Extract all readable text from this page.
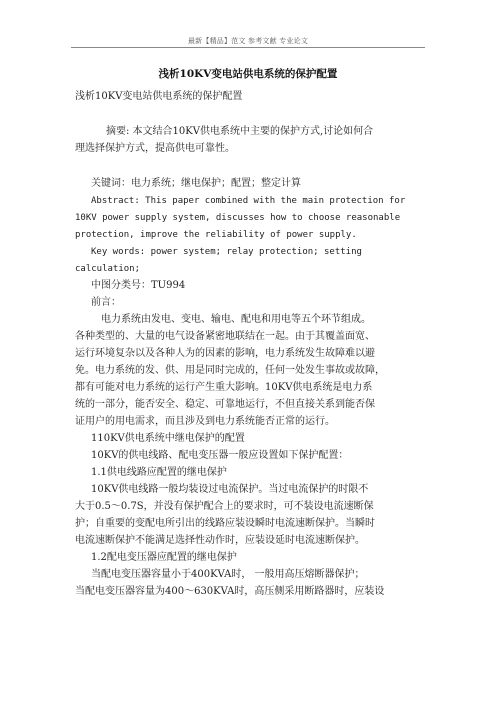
最新【精品】范文 参考文献 专业论文
浅析10KV变电站供电系统的保护配置
浅析10KV变电站供电系统的保护配置
摘要: 本文结合10KV供电系统中主要的保护方式,讨论如何合
理选择保护方式，提高供电可靠性。
关键词：电力系统；继电保护；配置；整定计算
Abstract: This paper combined with the main protection for
10KV power supply system, discusses how to choose reasonable
protection, improve the reliability of power supply.
Key words: power system; relay protection; setting
calculation;
中图分类号：TU994
前言：
电力系统由发电、变电、输电、配电和用电等五个环节组成。
各种类型的、大量的电气设备紧密地联结在一起。由于其覆盖面宽、
运行环境复杂以及各种人为的因素的影响，电力系统发生故障难以避
免。电力系统的发、供、用是同时完成的，任何一处发生事故或故障，
都有可能对电力系统的运行产生重大影响。10KV供电系统是电力系
统的一部分，能否安全、稳定、可靠地运行，不但直接关系到能否保
证用户的用电需求，而且涉及到电力系统能否正常的运行。
110KV供电系统中继电保护的配置
10KV的供电线路、配电变压器一般应设置如下保护配置：
1.1供电线路应配置的继电保护
10KV供电线路一般均装设过电流保护。当过电流保护的时限不
大于0.5～0.7S，并没有保护配合上的要求时，可不装设电流速断保
护；自重要的变配电所引出的线路应装设瞬时电流速断保护。当瞬时
电流速断保护不能满足选择性动作时，应装设延时电流速断保护。
1.2配电变压器应配置的继电保护
当配电变压器容量小于400KVA时， 一般用高压熔断器保护；
当配电变压器容量为400～630KVA时，高压侧采用断路器时，应装设
